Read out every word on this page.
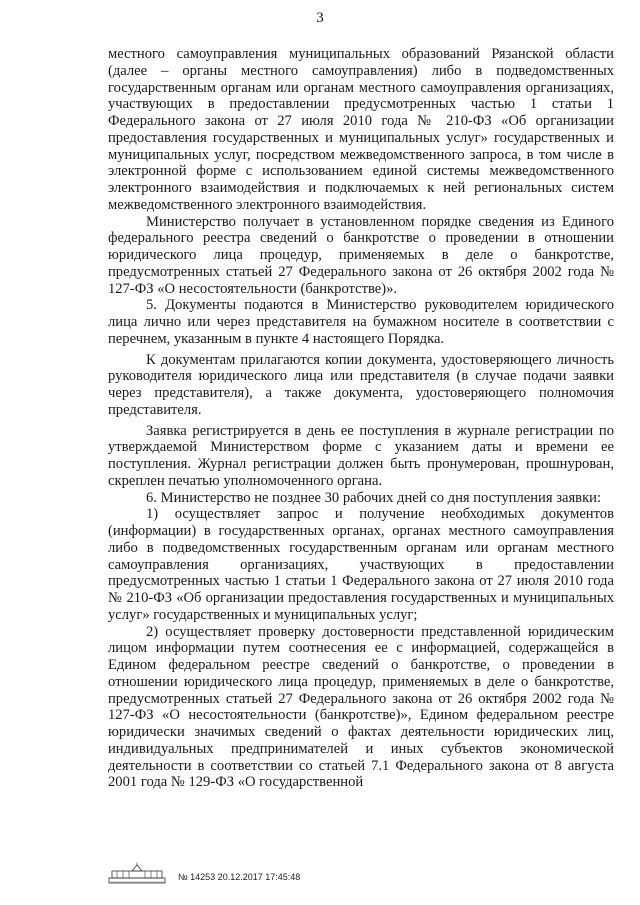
3

местного самоуправления муниципальных образований Рязанской области (далее – органы местного самоуправления) либо в подведомственных государственным органам или органам местного самоуправления организациях, участвующих в предоставлении предусмотренных частью 1 статьи 1 Федерального закона от 27 июля 2010 года № 210-ФЗ «Об организации предоставления государственных и муниципальных услуг» государственных и муниципальных услуг, посредством межведомственного запроса, в том числе в электронной форме с использованием единой системы межведомственного электронного взаимодействия и подключаемых к ней региональных систем межведомственного электронного взаимодействия.

Министерство получает в установленном порядке сведения из Единого федерального реестра сведений о банкротстве о проведении в отношении юридического лица процедур, применяемых в деле о банкротстве, предусмотренных статьей 27 Федерального закона от 26 октября 2002 года № 127-ФЗ «О несостоятельности (банкротстве)».

5. Документы подаются в Министерство руководителем юридического лица лично или через представителя на бумажном носителе в соответствии с перечнем, указанным в пункте 4 настоящего Порядка.

К документам прилагаются копии документа, удостоверяющего личность руководителя юридического лица или представителя (в случае подачи заявки через представителя), а также документа, удостоверяющего полномочия представителя.

Заявка регистрируется в день ее поступления в журнале регистрации по утверждаемой Министерством форме с указанием даты и времени ее поступления. Журнал регистрации должен быть пронумерован, прошнурован, скреплен печатью уполномоченного органа.

6. Министерство не позднее 30 рабочих дней со дня поступления заявки:

1) осуществляет запрос и получение необходимых документов (информации) в государственных органах, органах местного самоуправления либо в подведомственных государственным органам или органам местного самоуправления организациях, участвующих в предоставлении предусмотренных частью 1 статьи 1 Федерального закона от 27 июля 2010 года № 210-ФЗ «Об организации предоставления государственных и муниципальных услуг» государственных и муниципальных услуг;

2) осуществляет проверку достоверности представленной юридическим лицом информации путем соотнесения ее с информацией, содержащейся в Едином федеральном реестре сведений о банкротстве, о проведении в отношении юридического лица процедур, применяемых в деле о банкротстве, предусмотренных статьей 27 Федерального закона от 26 октября 2002 года № 127-ФЗ «О несостоятельности (банкротстве)», Едином федеральном реестре юридически значимых сведений о фактах деятельности юридических лиц, индивидуальных предпринимателей и иных субъектов экономической деятельности в соответствии со статьей 7.1 Федерального закона от 8 августа 2001 года № 129-ФЗ «О государственной

№ 14253 20.12.2017 17:45:48
